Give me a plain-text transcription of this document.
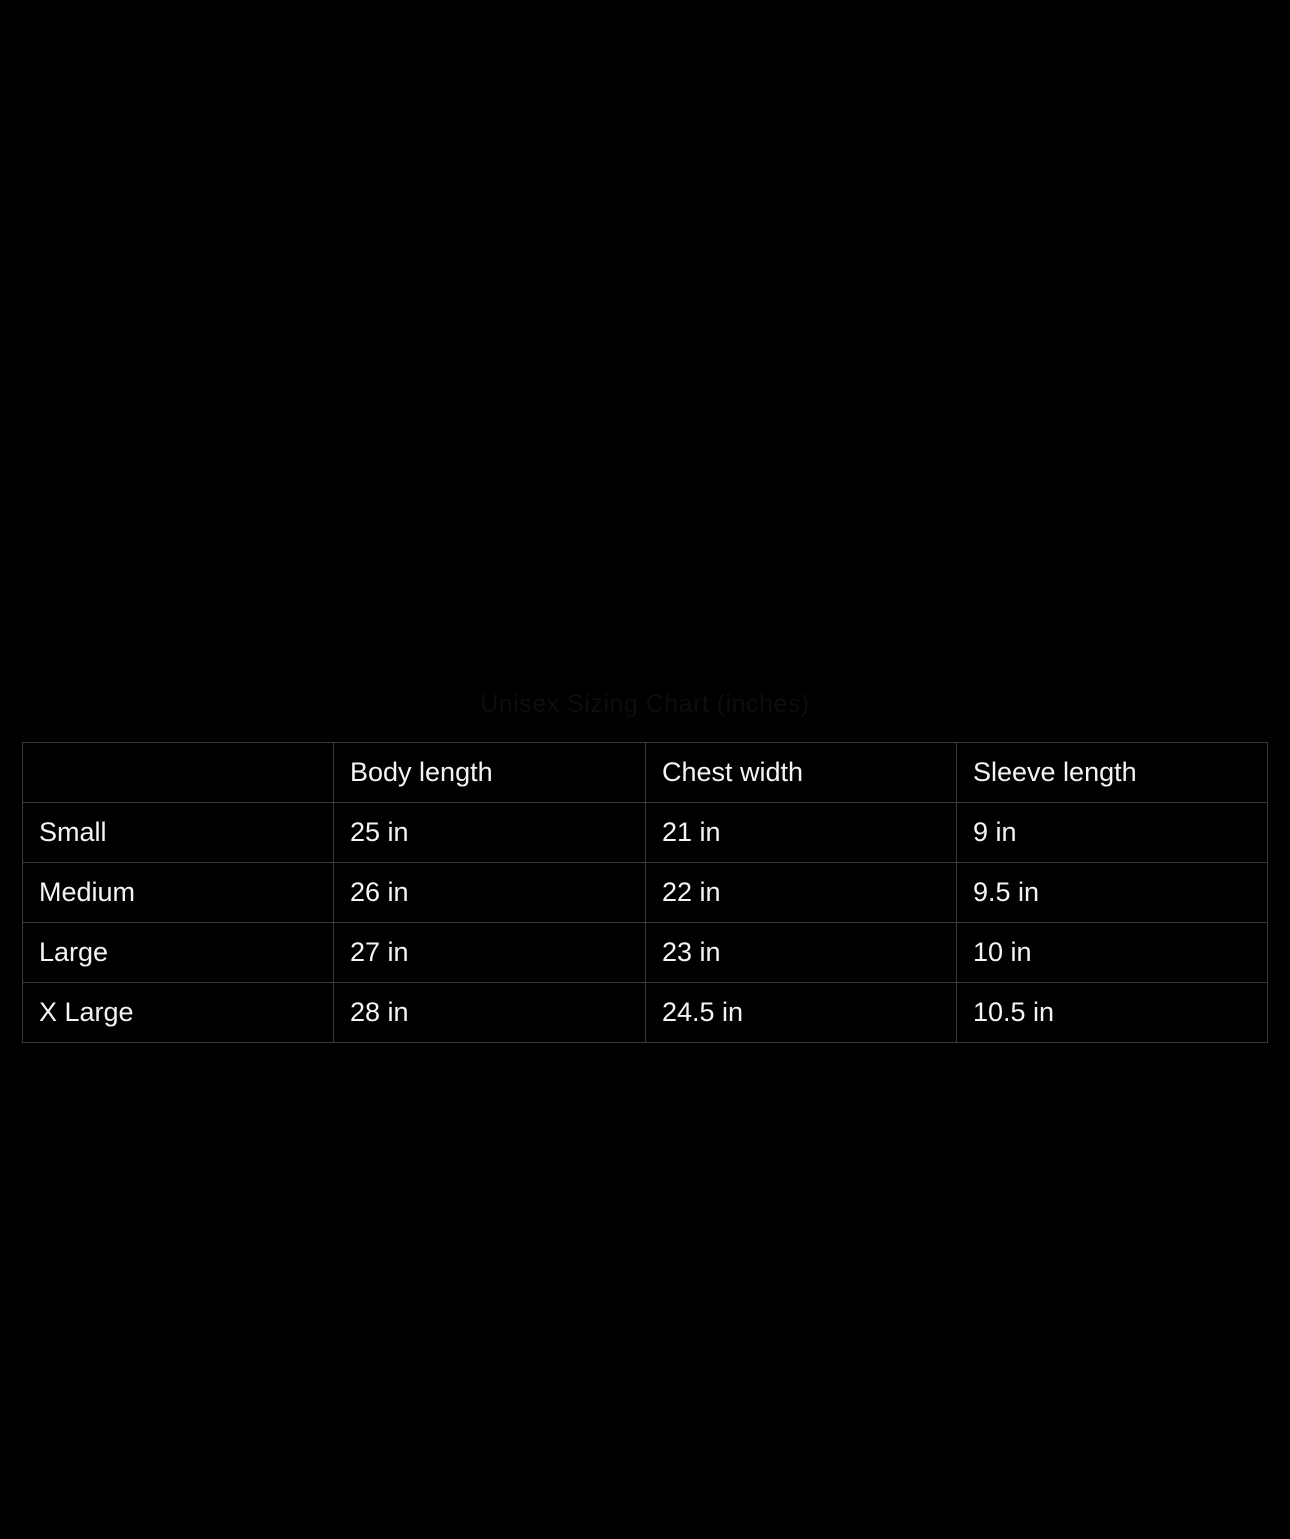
Unisex Sizing Chart (inches)
	Body length	Chest width	Sleeve length
Small	25 in	21 in	9 in
Medium	26 in	22 in	9.5 in
Large	27 in	23 in	10 in
X Large	28 in	24.5 in	10.5 in
